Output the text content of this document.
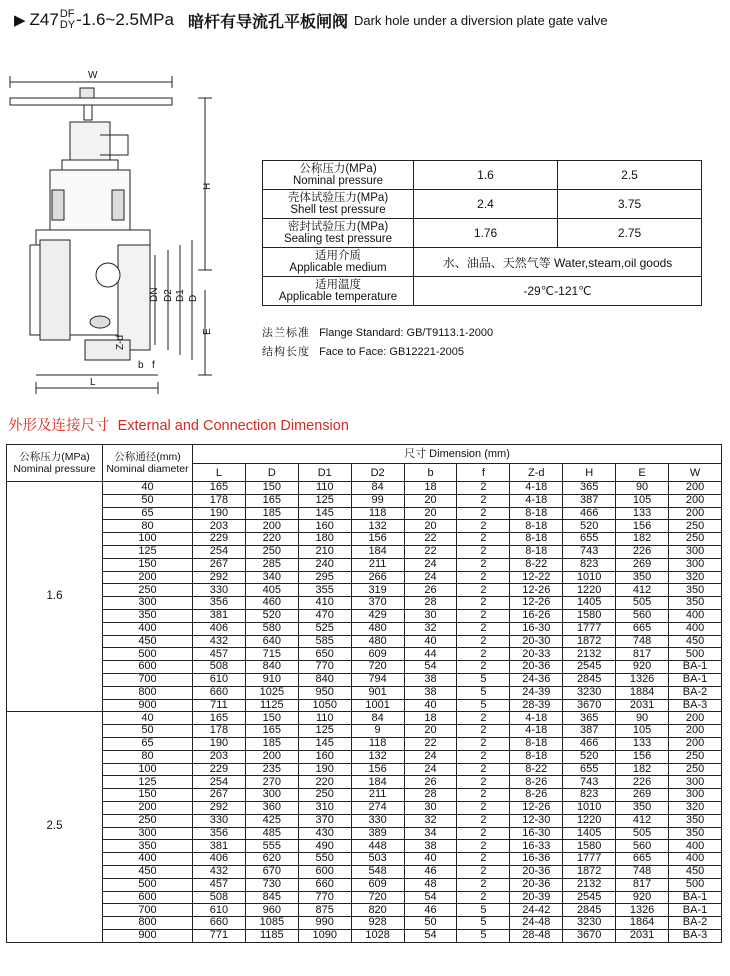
▶ Z47 DF
DY -1.6~2.5MPa 暗杆有导流孔平板闸阀 Dark hole under a diversion plate gate valve
W
H
DN D2 D1 D
E
Z-d
f
b
L
公称压力(MPa)
Nominal pressure	1.6	2.5

壳体试验压力(MPa)
Shell test pressure	2.4	3.75

密封试验压力(MPa)
Sealing test pressure	1.76	2.75

适用介质
Applicable medium	水、油品、天然气等 Water,steam,oil goods	

适用温度
Applicable temperature	-29℃-121℃	
法兰标准 Flange Standard: GB/T9113.1-2000
结构长度 Face to Face: GB12221-2005
外形及连接尺寸 External and Connection Dimension
公称压力(MPa)
Nominal pressure	公称通径(mm)
Nominal diameter	尺寸 Dimension (mm)									
		L	D	D1	D2	b	f	Z-d	H	E	W
1.6	40	165	150	110	84	18	2	4-18	365	90	200
	50	178	165	125	99	20	2	4-18	387	105	200
	65	190	185	145	118	20	2	8-18	466	133	200
	80	203	200	160	132	20	2	8-18	520	156	250
	100	229	220	180	156	22	2	8-18	655	182	250
	125	254	250	210	184	22	2	8-18	743	226	300
	150	267	285	240	211	24	2	8-22	823	269	300
	200	292	340	295	266	24	2	12-22	1010	350	320
	250	330	405	355	319	26	2	12-26	1220	412	350
	300	356	460	410	370	28	2	12-26	1405	505	350
	350	381	520	470	429	30	2	16-26	1580	560	400
	400	406	580	525	480	32	2	16-30	1777	665	400
	450	432	640	585	480	40	2	20-30	1872	748	450
	500	457	715	650	609	44	2	20-33	2132	817	500
	600	508	840	770	720	54	2	20-36	2545	920	BA-1
	700	610	910	840	794	38	5	24-36	2845	1326	BA-1
	800	660	1025	950	901	38	5	24-39	3230	1884	BA-2
	900	711	1125	1050	1001	40	5	28-39	3670	2031	BA-3
2.5	40	165	150	110	84	18	2	4-18	365	90	200
	50	178	165	125	9	20	2	4-18	387	105	200
	65	190	185	145	118	22	2	8-18	466	133	200
	80	203	200	160	132	24	2	8-18	520	156	250
	100	229	235	190	156	24	2	8-22	655	182	250
	125	254	270	220	184	26	2	8-26	743	226	300
	150	267	300	250	211	28	2	8-26	823	269	300
	200	292	360	310	274	30	2	12-26	1010	350	320
	250	330	425	370	330	32	2	12-30	1220	412	350
	300	356	485	430	389	34	2	16-30	1405	505	350
	350	381	555	490	448	38	2	16-33	1580	560	400
	400	406	620	550	503	40	2	16-36	1777	665	400
	450	432	670	600	548	46	2	20-36	1872	748	450
	500	457	730	660	609	48	2	20-36	2132	817	500
	600	508	845	770	720	54	2	20-39	2545	920	BA-1
	700	610	960	875	820	46	5	24-42	2845	1326	BA-1
	800	660	1085	990	928	50	5	24-48	3230	1864	BA-2
	900	771	1185	1090	1028	54	5	28-48	3670	2031	BA-3
